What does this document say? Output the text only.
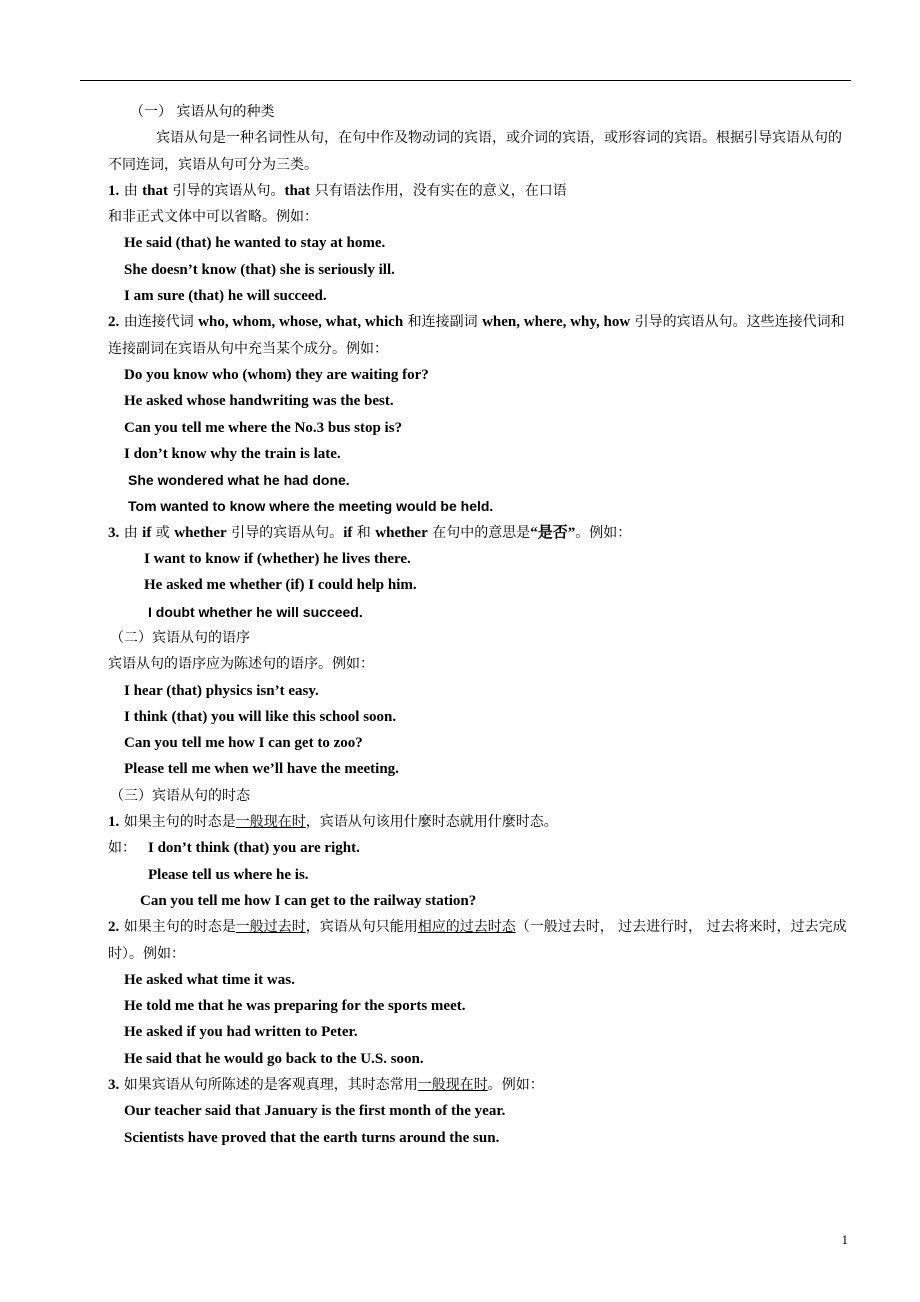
（一） 宾语从句的种类
宾语从句是一种名词性从句，在句中作及物动词的宾语，或介词的宾语，或形容词的宾语。根据引导宾语从句的不同连词，宾语从句可分为三类。
1. 由 that 引导的宾语从句。that 只有语法作用，没有实在的意义，在口语
和非正式文体中可以省略。例如：
He said (that) he wanted to stay at home.
She doesn’t know (that) she is seriously ill.
I am sure (that) he will succeed.
2. 由连接代词 who, whom, whose, what, which 和连接副词 when, where, why, how 引导的宾语从句。这些连接代词和连接副词在宾语从句中充当某个成分。例如：
Do you know who (whom) they are waiting for?
He asked whose handwriting was the best.
Can you tell me where the No.3 bus stop is?
I don’t know why the train is late.
She wondered what he had done.
Tom wanted to know where the meeting would be held.
3. 由 if 或 whether 引导的宾语从句。if 和 whether 在句中的意思是“是否”。例如：
I want to know if (whether) he lives there.
He asked me whether (if) I could help him.
I doubt whether he will succeed.
（二）宾语从句的语序
宾语从句的语序应为陈述句的语序。例如：
I hear (that) physics isn’t easy.
I think (that) you will like this school soon.
Can you tell me how I can get to zoo?
Please tell me when we’ll have the meeting.
（三）宾语从句的时态
1. 如果主句的时态是一般现在时，宾语从句该用什麼时态就用什麼时态。
如： I don’t think (that) you are right.
Please tell us where he is.
Can you tell me how I can get to the railway station?
2. 如果主句的时态是一般过去时，宾语从句只能用相应的过去时态（一般过去时， 过去进行时， 过去将来时，过去完成时）。例如：
He asked what time it was.
He told me that he was preparing for the sports meet.
He asked if you had written to Peter.
He said that he would go back to the U.S. soon.
3. 如果宾语从句所陈述的是客观真理，其时态常用一般现在时。例如：
Our teacher said that January is the first month of the year.
Scientists have proved that the earth turns around the sun.
1
